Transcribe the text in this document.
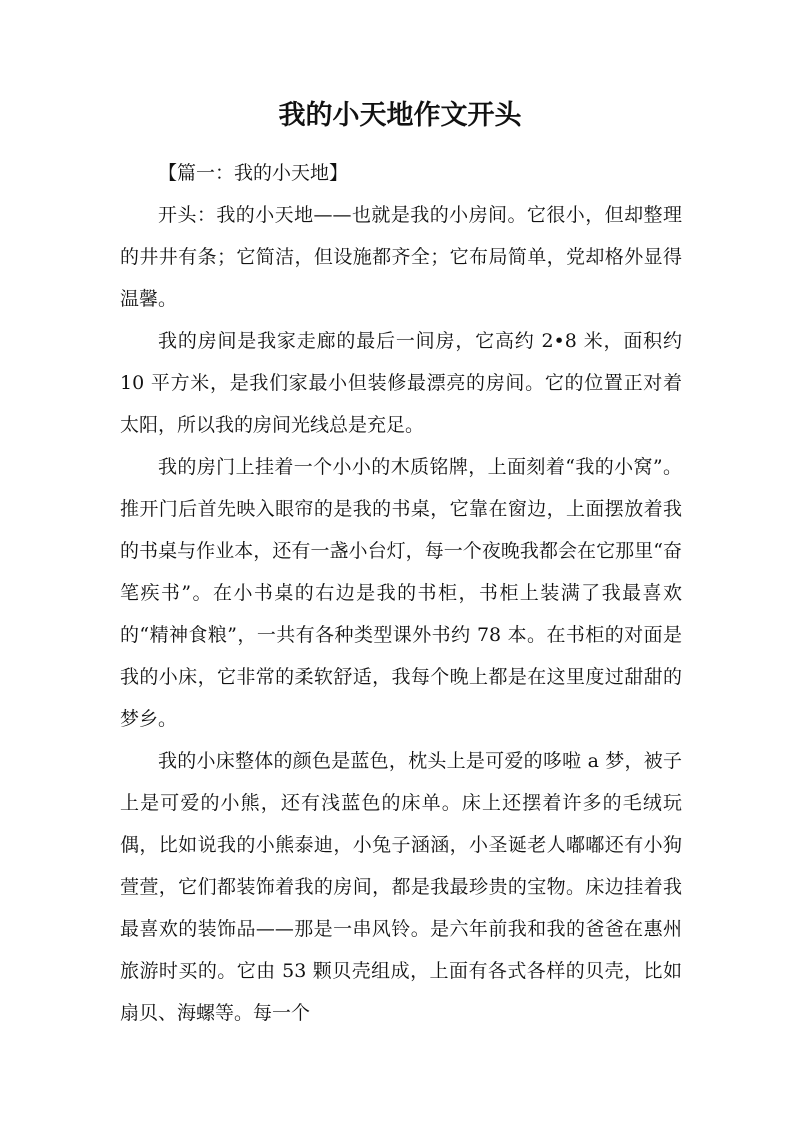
我的小天地作文开头

【篇一：我的小天地】

开头：我的小天地——也就是我的小房间。它很小，但却整理的井井有条；它简洁，但设施都齐全；它布局简单，党却格外显得温馨。

我的房间是我家走廊的最后一间房，它高约 2•8 米，面积约 10 平方米，是我们家最小但装修最漂亮的房间。它的位置正对着太阳，所以我的房间光线总是充足。

我的房门上挂着一个小小的木质铭牌，上面刻着“我的小窝”。推开门后首先映入眼帘的是我的书桌，它靠在窗边，上面摆放着我的书桌与作业本，还有一盏小台灯，每一个夜晚我都会在它那里“奋笔疾书”。在小书桌的右边是我的书柜，书柜上装满了我最喜欢的“精神食粮”，一共有各种类型课外书约 78 本。在书柜的对面是我的小床，它非常的柔软舒适，我每个晚上都是在这里度过甜甜的梦乡。

我的小床整体的颜色是蓝色，枕头上是可爱的哆啦 a 梦，被子上是可爱的小熊，还有浅蓝色的床单。床上还摆着许多的毛绒玩偶，比如说我的小熊泰迪，小兔子涵涵，小圣诞老人嘟嘟还有小狗萱萱，它们都装饰着我的房间，都是我最珍贵的宝物。床边挂着我最喜欢的装饰品——那是一串风铃。是六年前我和我的爸爸在惠州旅游时买的。它由 53 颗贝壳组成，上面有各式各样的贝壳，比如扇贝、海螺等。每一个
